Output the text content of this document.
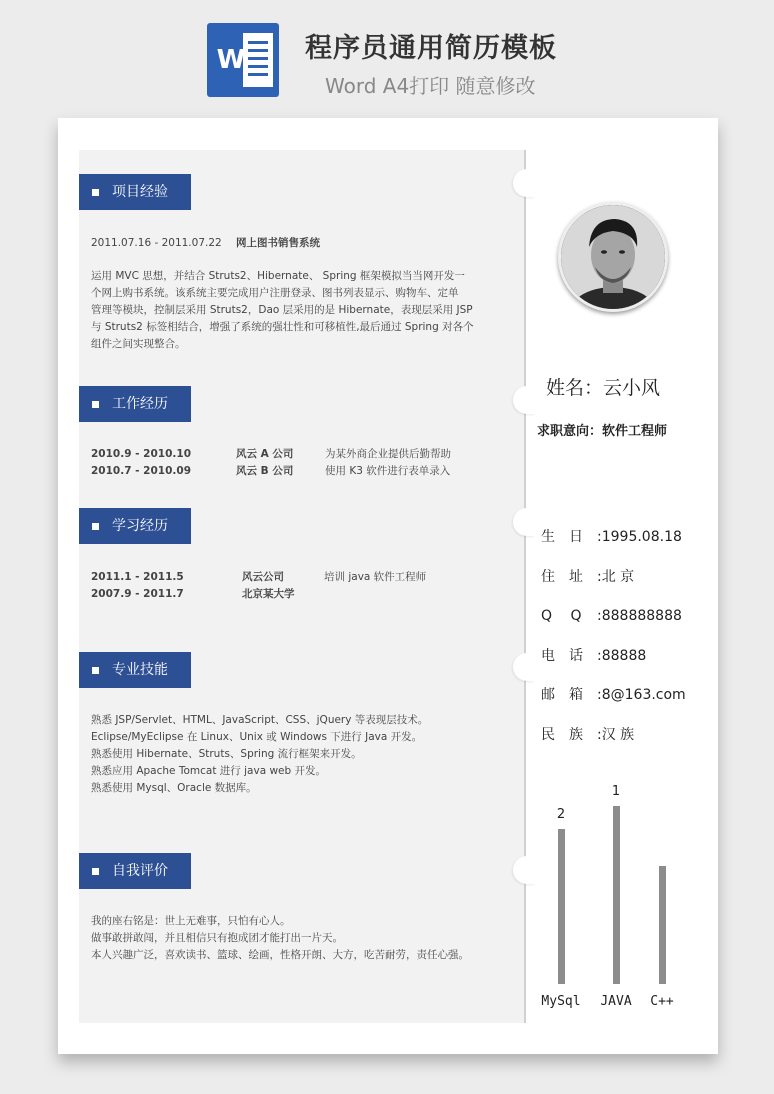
W 程序员通用简历模板
Word A4打印 随意修改
项目经验
2011.07.16 - 2011.07.22 网上图书销售系统
运用 MVC 思想，并结合 Struts2、Hibernate、 Spring 框架模拟当当网开发一
个网上购书系统。该系统主要完成用户注册登录、图书列表显示、购物车、定单
管理等模块，控制层采用 Struts2，Dao 层采用的是 Hibernate，表现层采用 JSP
与 Struts2 标签相结合，增强了系统的强壮性和可移植性,最后通过 Spring 对各个
组件之间实现整合。
工作经历
2010.9 - 2010.10	风云 A 公司	为某外商企业提供后勤帮助
2010.7 - 2010.09	风云 B 公司	使用 K3 软件进行表单录入
学习经历
2011.1 - 2011.5	风云公司	培训 java 软件工程师
2007.9 - 2011.7	北京某大学
专业技能
熟悉 JSP/Servlet、HTML、JavaScript、CSS、jQuery 等表现层技术。
Eclipse/MyEclipse 在 Linux、Unix 或 Windows 下进行 Java 开发。
熟悉使用 Hibernate、Struts、Spring 流行框架来开发。
熟悉应用 Apache Tomcat 进行 java web 开发。
熟悉使用 Mysql、Oracle 数据库。
自我评价
我的座右铭是：世上无难事，只怕有心人。
做事敢拼敢闯，并且相信只有抱成团才能打出一片天。
本人兴趣广泛，喜欢读书、篮球、绘画，性格开朗、大方，吃苦耐劳，责任心强。
姓名：云小风
求职意向：软件工程师
生　日 :1995.08.18
住　址 :北 京
Q　 Q :888888888
电　话 :88888
邮　箱 :8@163.com
民　族 :汉 族
2
MySql
1
JAVA	C++
